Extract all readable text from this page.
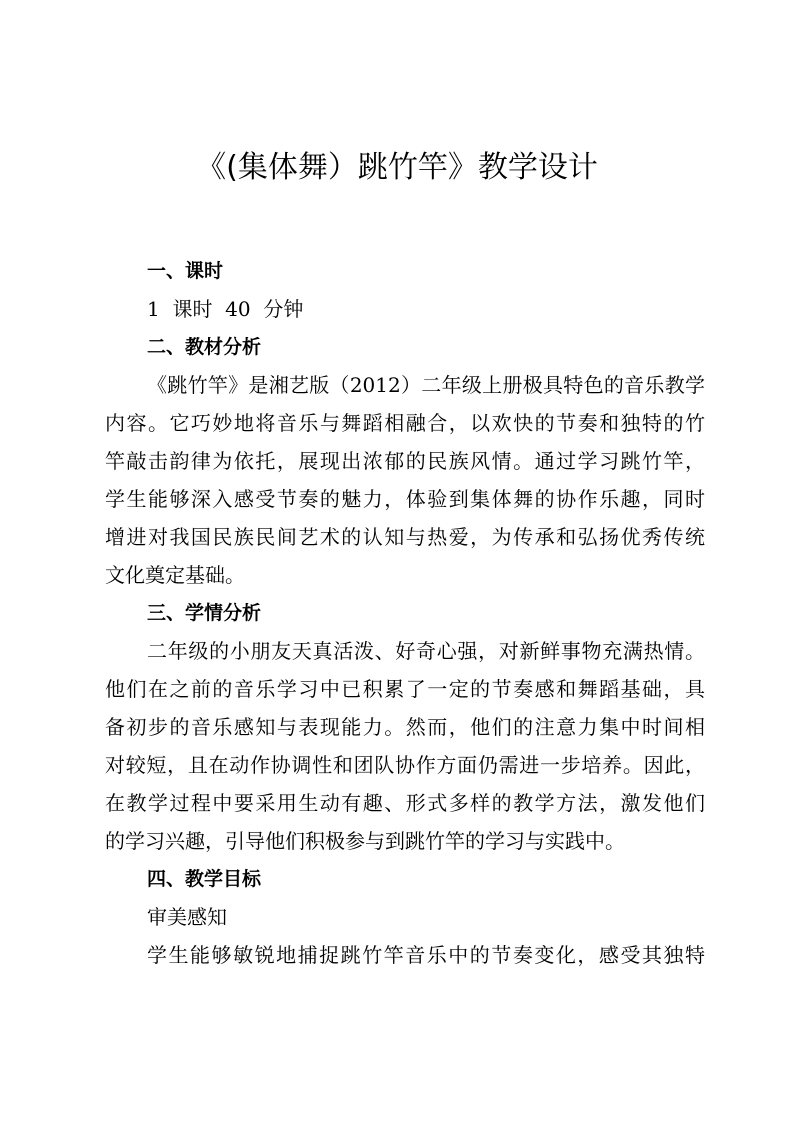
《(集体舞）跳竹竿》教学设计
一、课时
1  课时  40  分钟
二、教材分析
《跳竹竿》是湘艺版（2012）二年级上册极具特色的音乐教学
内容。它巧妙地将音乐与舞蹈相融合，以欢快的节奏和独特的竹
竿敲击韵律为依托，展现出浓郁的民族风情。通过学习跳竹竿，
学生能够深入感受节奏的魅力，体验到集体舞的协作乐趣，同时
增进对我国民族民间艺术的认知与热爱，为传承和弘扬优秀传统
文化奠定基础。
三、学情分析
二年级的小朋友天真活泼、好奇心强，对新鲜事物充满热情。
他们在之前的音乐学习中已积累了一定的节奏感和舞蹈基础，具
备初步的音乐感知与表现能力。然而，他们的注意力集中时间相
对较短，且在动作协调性和团队协作方面仍需进一步培养。因此，
在教学过程中要采用生动有趣、形式多样的教学方法，激发他们
的学习兴趣，引导他们积极参与到跳竹竿的学习与实践中。
四、教学目标
审美感知
学生能够敏锐地捕捉跳竹竿音乐中的节奏变化，感受其独特
